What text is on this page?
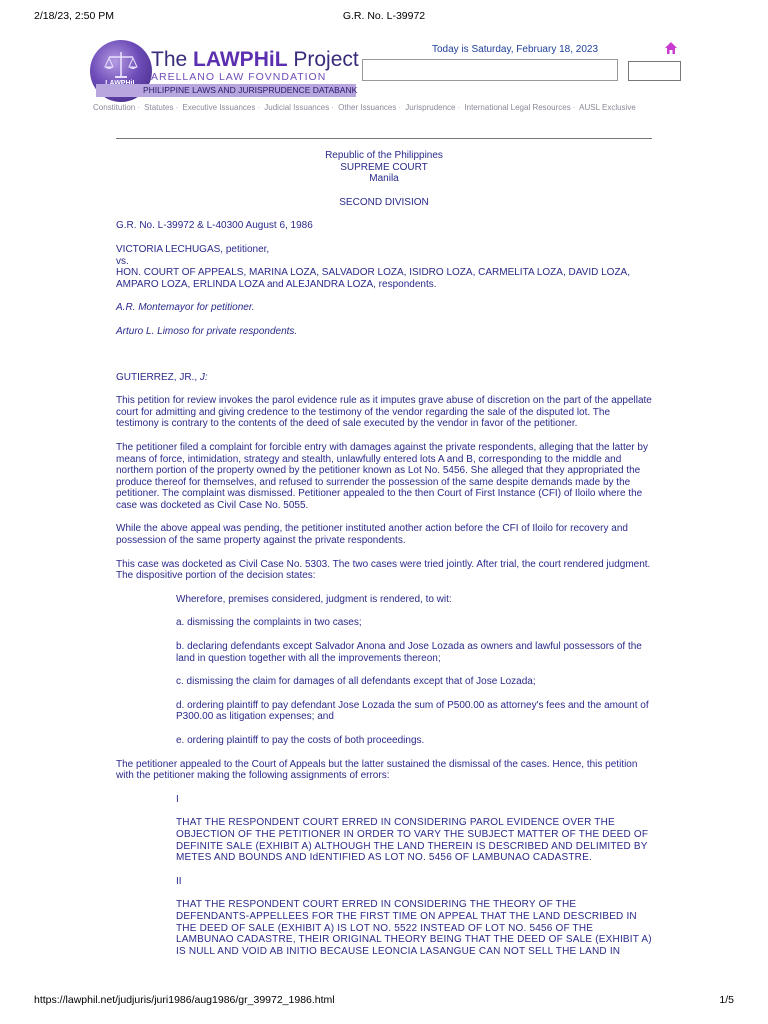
2/18/23, 2:50 PM	G.R. No. L-39972
The LAWPHiL Project
ARELLANO LAW FOVNDATION
PHILIPPINE LAWS AND JURISPRUDENCE DATABANK
Today is Saturday, February 18, 2023
Constitution · Statutes · Executive Issuances · Judicial Issuances · Other Issuances · Jurisprudence · International Legal Resources · AUSL Exclusive

Republic of the Philippines

SUPREME COURT

Manila

SECOND DIVISION

G.R. No. L-39972 & L-40300 August 6, 1986

VICTORIA LECHUGAS, petitioner,

vs.

HON. COURT OF APPEALS, MARINA LOZA, SALVADOR LOZA, ISIDRO LOZA, CARMELITA LOZA, DAVID LOZA, AMPARO LOZA, ERLINDA LOZA and ALEJANDRA LOZA, respondents.

A.R. Montemayor for petitioner.

Arturo L. Limoso for private respondents.

GUTIERREZ, JR., J:

This petition for review invokes the parol evidence rule as it imputes grave abuse of discretion on the part of the appellate court for admitting and giving credence to the testimony of the vendor regarding the sale of the disputed lot. The testimony is contrary to the contents of the deed of sale executed by the vendor in favor of the petitioner.

The petitioner filed a complaint for forcible entry with damages against the private respondents, alleging that the latter by means of force, intimidation, strategy and stealth, unlawfully entered lots A and B, corresponding to the middle and northern portion of the property owned by the petitioner known as Lot No. 5456. She alleged that they appropriated the produce thereof for themselves, and refused to surrender the possession of the same despite demands made by the petitioner. The complaint was dismissed. Petitioner appealed to the then Court of First Instance (CFI) of Iloilo where the case was docketed as Civil Case No. 5055.

While the above appeal was pending, the petitioner instituted another action before the CFI of Iloilo for recovery and possession of the same property against the private respondents.

This case was docketed as Civil Case No. 5303. The two cases were tried jointly. After trial, the court rendered judgment. The dispositive portion of the decision states:

Wherefore, premises considered, judgment is rendered, to wit:

a. dismissing the complaints in two cases;

b. declaring defendants except Salvador Anona and Jose Lozada as owners and lawful possessors of the land in question together with all the improvements thereon;

c. dismissing the claim for damages of all defendants except that of Jose Lozada;

d. ordering plaintiff to pay defendant Jose Lozada the sum of P500.00 as attorney's fees and the amount of P300.00 as litigation expenses; and

e. ordering plaintiff to pay the costs of both proceedings.

The petitioner appealed to the Court of Appeals but the latter sustained the dismissal of the cases. Hence, this petition with the petitioner making the following assignments of errors:

I

THAT THE RESPONDENT COURT ERRED IN CONSIDERING PAROL EVIDENCE OVER THE OBJECTION OF THE PETITIONER IN ORDER TO VARY THE SUBJECT MATTER OF THE DEED OF DEFINITE SALE (EXHIBIT A) ALTHOUGH THE LAND THEREIN IS DESCRIBED AND DELIMITED BY METES AND BOUNDS AND IdENTIFIED AS LOT NO. 5456 OF LAMBUNAO CADASTRE.

II

THAT THE RESPONDENT COURT ERRED IN CONSIDERING THE THEORY OF THE DEFENDANTS-APPELLEES FOR THE FIRST TIME ON APPEAL THAT THE LAND DESCRIBED IN THE DEED OF SALE (EXHIBIT A) IS LOT NO. 5522 INSTEAD OF LOT NO. 5456 OF THE LAMBUNAO CADASTRE, THEIR ORIGINAL THEORY BEING THAT THE DEED OF SALE (EXHIBIT A) IS NULL AND VOID AB INITIO BECAUSE LEONCIA LASANGUE CAN NOT SELL THE LAND IN

https://lawphil.net/judjuris/juri1986/aug1986/gr_39972_1986.html	1/5
